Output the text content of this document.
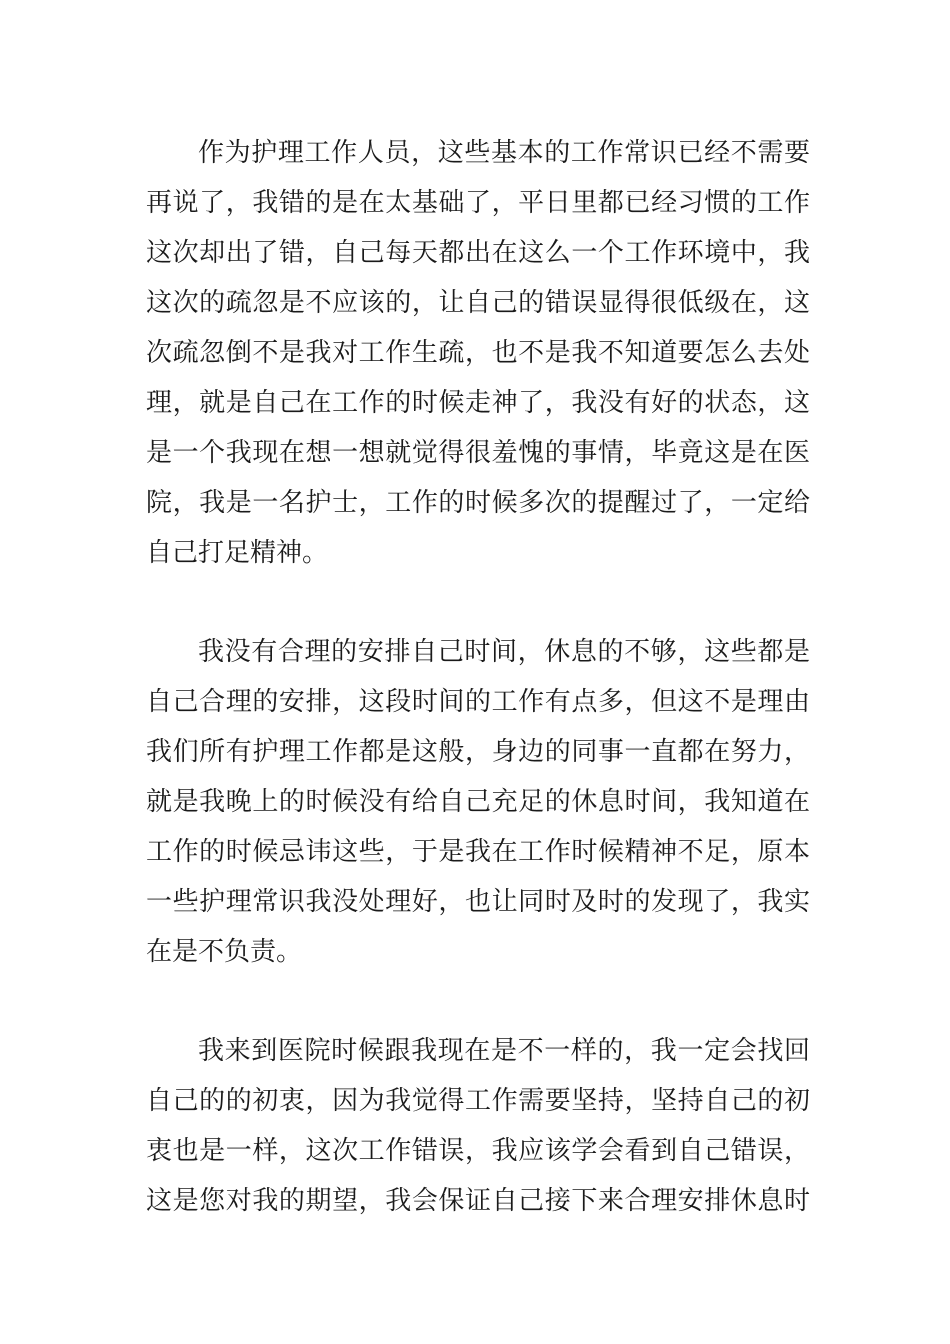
作为护理工作人员，这些基本的工作常识已经不需要
再说了，我错的是在太基础了，平日里都已经习惯的工作
这次却出了错，自己每天都出在这么一个工作环境中，我
这次的疏忽是不应该的，让自己的错误显得很低级在，这
次疏忽倒不是我对工作生疏，也不是我不知道要怎么去处
理，就是自己在工作的时候走神了，我没有好的状态，这
是一个我现在想一想就觉得很羞愧的事情，毕竟这是在医
院，我是一名护士，工作的时候多次的提醒过了，一定给
自己打足精神。
我没有合理的安排自己时间，休息的不够，这些都是
自己合理的安排，这段时间的工作有点多，但这不是理由
我们所有护理工作都是这般，身边的同事一直都在努力，
就是我晚上的时候没有给自己充足的休息时间，我知道在
工作的时候忌讳这些，于是我在工作时候精神不足，原本
一些护理常识我没处理好，也让同时及时的发现了，我实
在是不负责。
我来到医院时候跟我现在是不一样的，我一定会找回
自己的的初衷，因为我觉得工作需要坚持，坚持自己的初
衷也是一样，这次工作错误，我应该学会看到自己错误，
这是您对我的期望，我会保证自己接下来合理安排休息时
